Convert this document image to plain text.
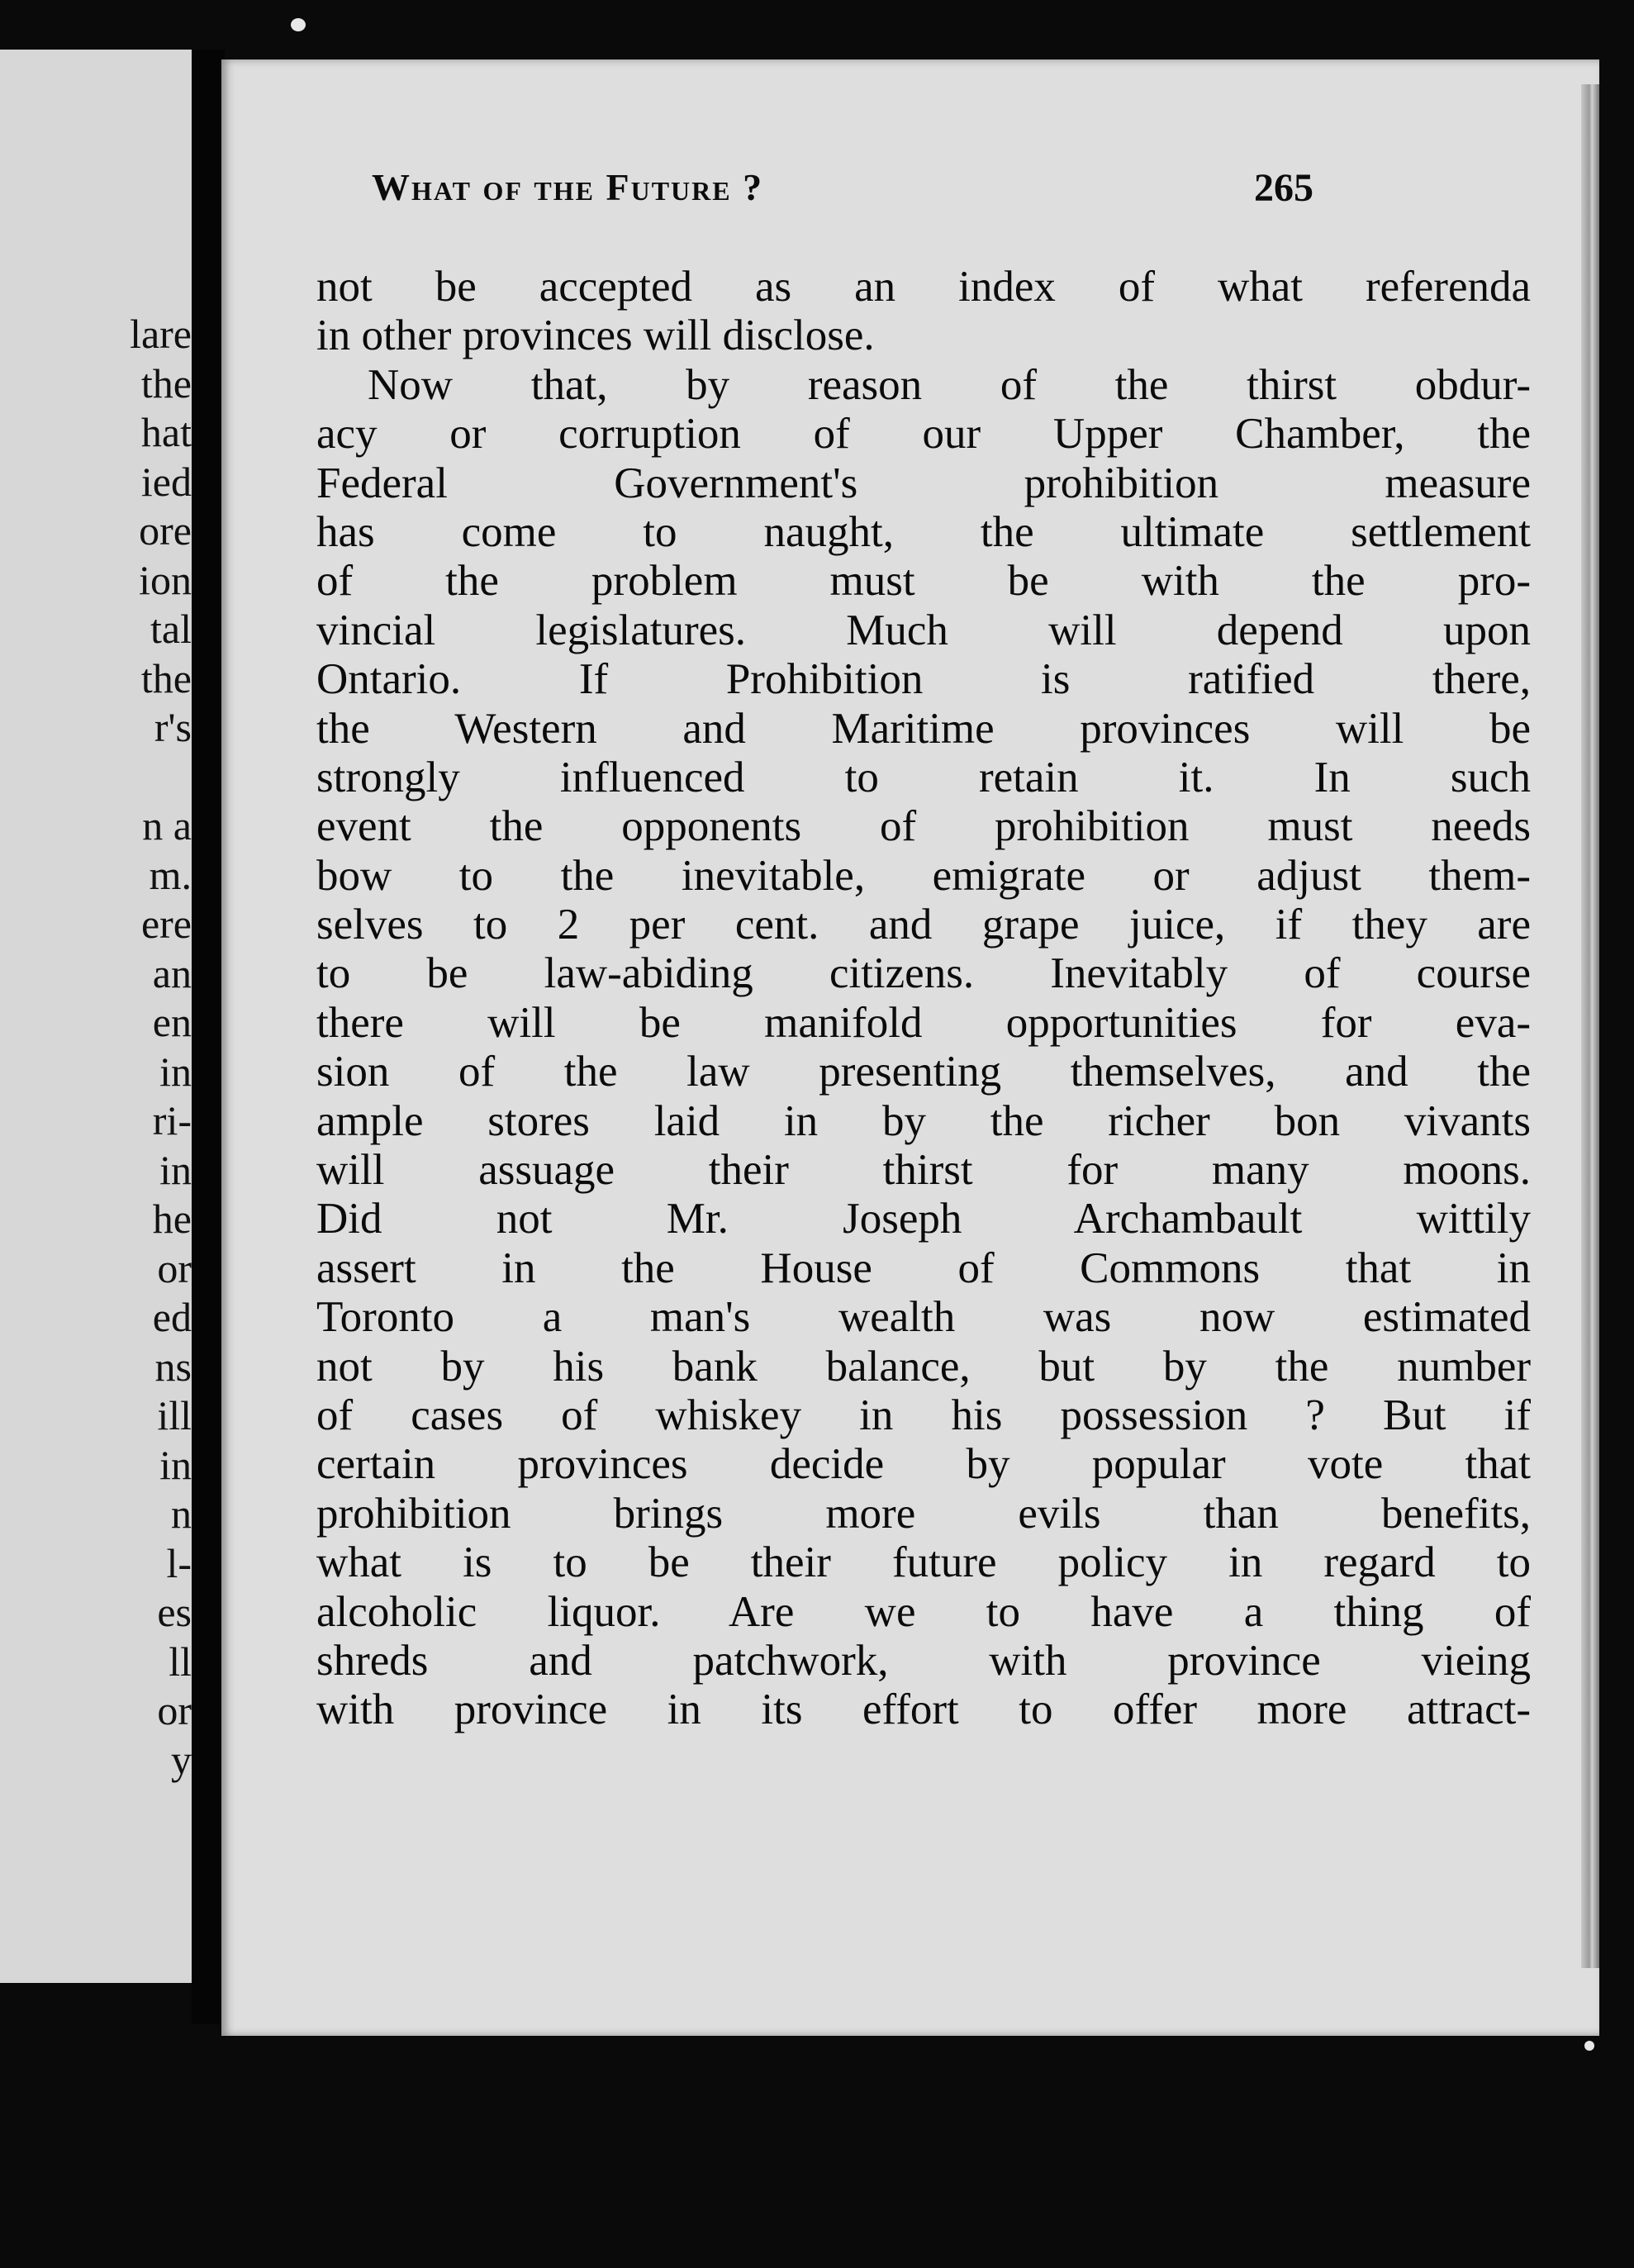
lare
the
hat
ied
ore
ion
tal
the
r's
n a
m.
ere
an
en
in
ri-
in
he
or
ed
ns
ill
in
n
l-
es
ll
or
y
What of the Future ?	265
not be accepted as an index of what referenda
in other provinces will disclose.
Now that, by reason of the thirst obdur-
acy or corruption of our Upper Chamber, the
Federal Government's prohibition measure
has come to naught, the ultimate settlement
of the problem must be with the pro-
vincial legislatures. Much will depend upon
Ontario. If Prohibition is ratified there,
the Western and Maritime provinces will be
strongly influenced to retain it. In such
event the opponents of prohibition must needs
bow to the inevitable, emigrate or adjust them-
selves to 2 per cent. and grape juice, if they are
to be law-abiding citizens. Inevitably of course
there will be manifold opportunities for eva-
sion of the law presenting themselves, and the
ample stores laid in by the richer bon vivants
will assuage their thirst for many moons.
Did not Mr. Joseph Archambault wittily
assert in the House of Commons that in
Toronto a man's wealth was now estimated
not by his bank balance, but by the number
of cases of whiskey in his possession ? But if
certain provinces decide by popular vote that
prohibition brings more evils than benefits,
what is to be their future policy in regard to
alcoholic liquor. Are we to have a thing of
shreds and patchwork, with province vieing
with province in its effort to offer more attract-
